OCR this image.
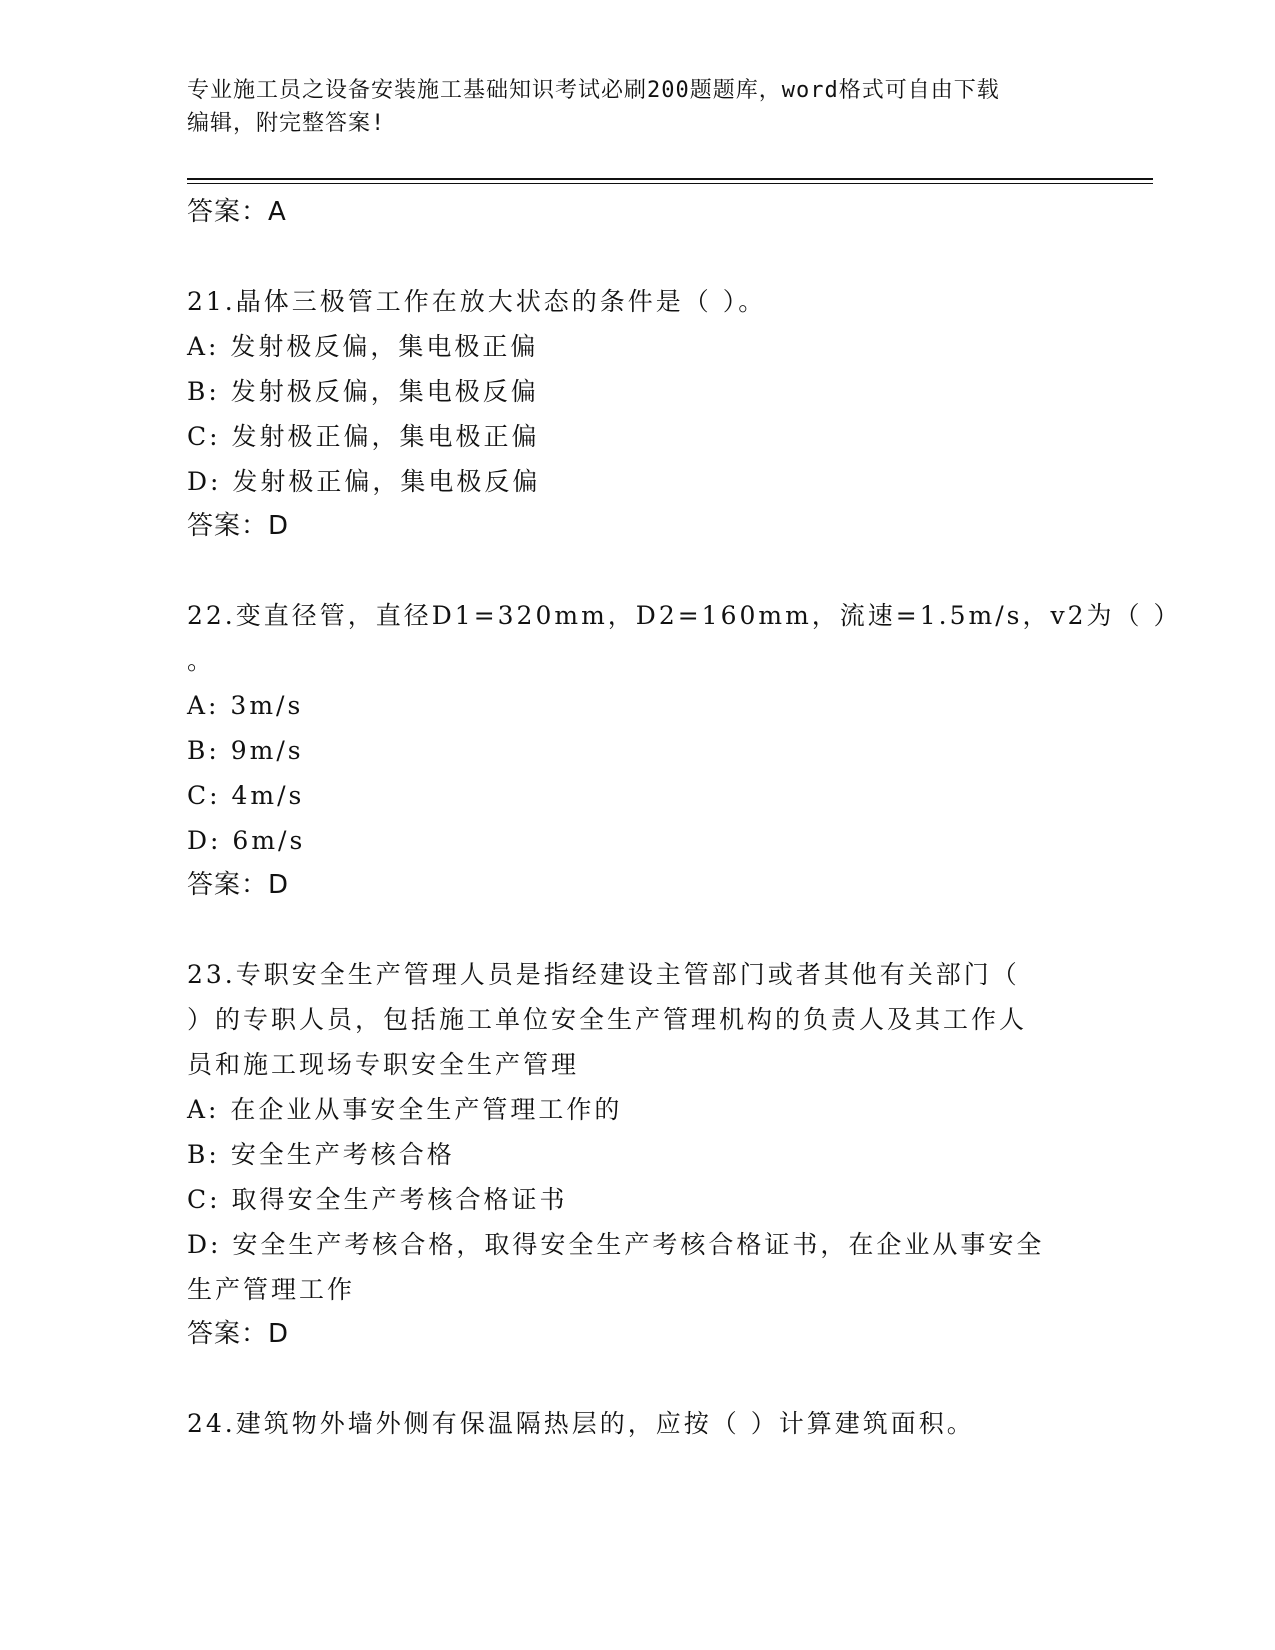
专业施工员之设备安装施工基础知识考试必刷200题题库，word格式可自由下载
编辑，附完整答案!
答案：A
21.晶体三极管工作在放大状态的条件是（ ）。
A: 发射极反偏，集电极正偏
B: 发射极反偏，集电极反偏
C: 发射极正偏，集电极正偏
D: 发射极正偏，集电极反偏
答案：D
22.变直径管，直径D1=320mm，D2=160mm，流速=1.5m/s，v2为（ ）
。
A: 3m/s
B: 9m/s
C: 4m/s
D: 6m/s
答案：D
23.专职安全生产管理人员是指经建设主管部门或者其他有关部门（
）的专职人员，包括施工单位安全生产管理机构的负责人及其工作人
员和施工现场专职安全生产管理
A: 在企业从事安全生产管理工作的
B: 安全生产考核合格
C: 取得安全生产考核合格证书
D: 安全生产考核合格，取得安全生产考核合格证书，在企业从事安全
生产管理工作
答案：D
24.建筑物外墙外侧有保温隔热层的，应按（ ）计算建筑面积。
